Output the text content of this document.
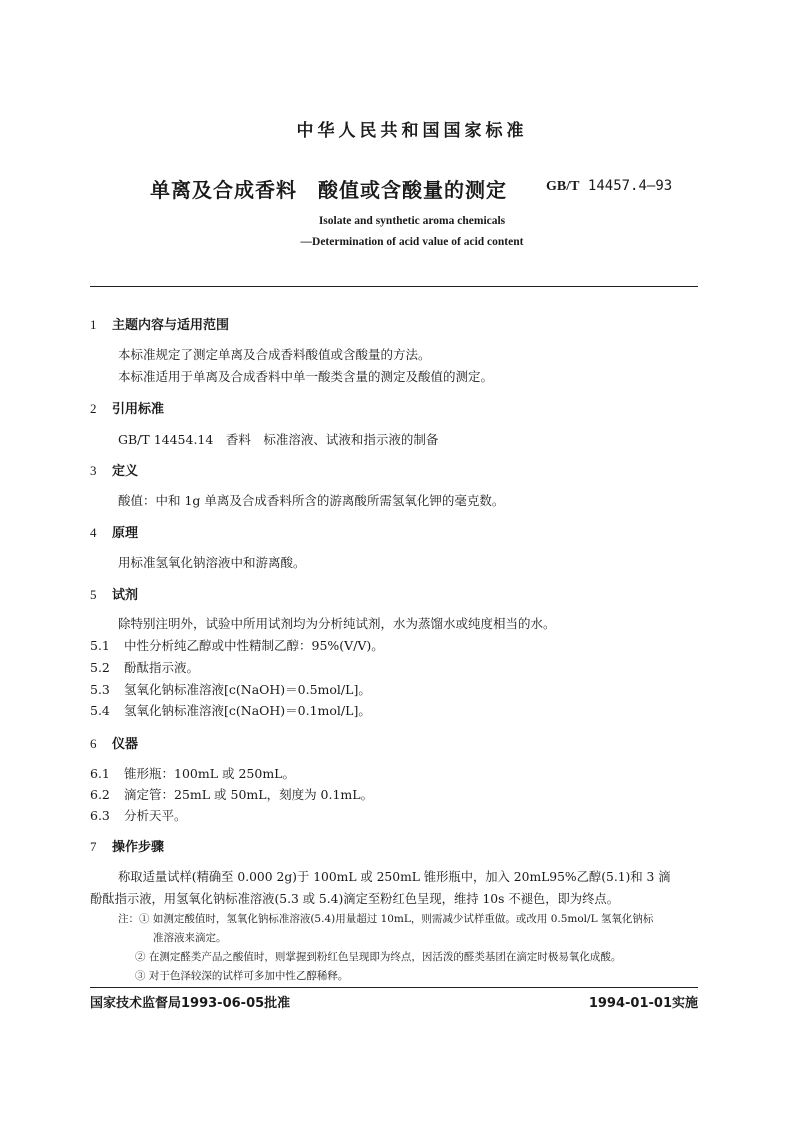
中华人民共和国国家标准
单离及合成香料　酸值或含酸量的测定	GB/T 14457.4—93
Isolate and synthetic aroma chemicals
—Determination of acid value of acid content
1 主题内容与适用范围
本标准规定了测定单离及合成香料酸值或含酸量的方法。
本标准适用于单离及合成香料中单一酸类含量的测定及酸值的测定。
2 引用标准
GB/T 14454.14　香料　标准溶液、试液和指示液的制备
3 定义
酸值：中和 1g 单离及合成香料所含的游离酸所需氢氧化钾的毫克数。
4 原理
用标准氢氧化钠溶液中和游离酸。
5 试剂
除特别注明外，试验中所用试剂均为分析纯试剂，水为蒸馏水或纯度相当的水。
5.1 中性分析纯乙醇或中性精制乙醇：95%(V/V)。
5.2 酚酞指示液。
5.3 氢氧化钠标准溶液[c(NaOH)＝0.5mol/L]。
5.4 氢氧化钠标准溶液[c(NaOH)＝0.1mol/L]。
6 仪器
6.1 锥形瓶：100mL 或 250mL。
6.2 滴定管：25mL 或 50mL，刻度为 0.1mL。
6.3 分析天平。
7 操作步骤
称取适量试样(精确至 0.000 2g)于 100mL 或 250mL 锥形瓶中，加入 20mL95%乙醇(5.1)和 3 滴
酚酞指示液，用氢氧化钠标准溶液(5.3 或 5.4)滴定至粉红色呈现，维持 10s 不褪色，即为终点。
注：① 如测定酸值时，氢氧化钠标准溶液(5.4)用量超过 10mL，则需减少试样重做。或改用 0.5mol/L 氢氧化钠标
准溶液来滴定。
② 在测定醛类产品之酸值时，则掌握到粉红色呈现即为终点，因活泼的醛类基团在滴定时极易氧化成酸。
③ 对于色泽较深的试样可多加中性乙醇稀释。
国家技术监督局1993-06-05批准	1994-01-01实施
